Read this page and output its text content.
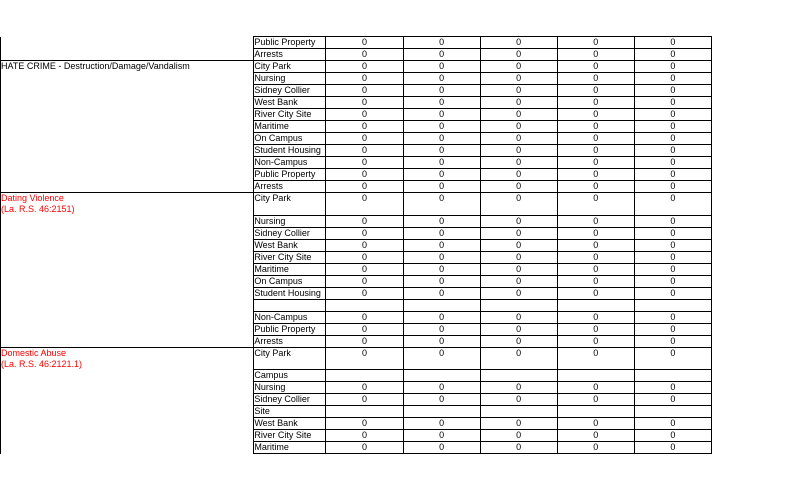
	Public Property	0	0	0	0	0
	Arrests	0	0	0	0	0

HATE CRIME - Destruction/Damage/Vandalism	City Park	0	0	0	0	0
	Nursing	0	0	0	0	0
	Sidney Collier	0	0	0	0	0
	West Bank	0	0	0	0	0
	River City Site	0	0	0	0	0
	Maritime	0	0	0	0	0
	On Campus	0	0	0	0	0
	Student Housing	0	0	0	0	0
	Non-Campus	0	0	0	0	0
	Public Property	0	0	0	0	0
	Arrests	0	0	0	0	0

Dating Violence
(La. R.S. 46:2151)	City Park	0	0	0	0	0
	Nursing	0	0	0	0	0
	Sidney Collier	0	0	0	0	0
	West Bank	0	0	0	0	0
	River City Site	0	0	0	0	0
	Maritime	0	0	0	0	0
	On Campus	0	0	0	0	0
	Student Housing	0	0	0	0	0

	Non-Campus	0	0	0	0	0
	Public Property	0	0	0	0	0
	Arrests	0	0	0	0	0

Domestic Abuse
(La. R.S. 46:2121.1)	City Park	0	0	0	0	0
	Campus					
	Nursing	0	0	0	0	0
	Sidney Collier	0	0	0	0	0
	Site					
	West Bank	0	0	0	0	0
	River City Site	0	0	0	0	0
	Maritime	0	0	0	0	0
